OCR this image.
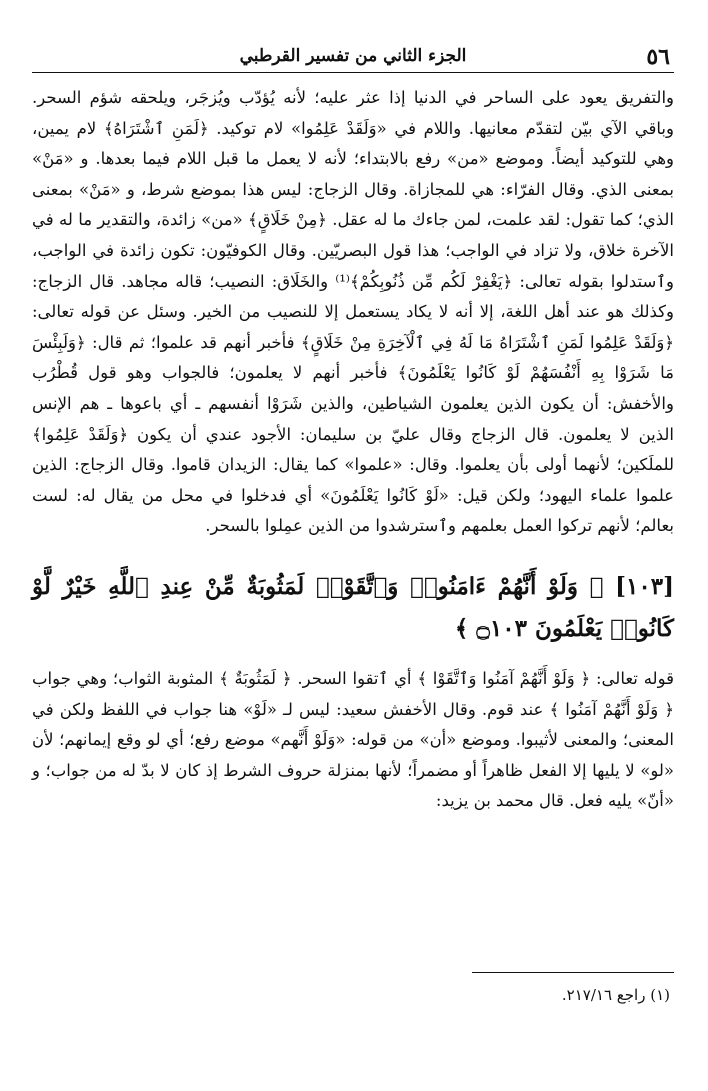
٥٦
الجزء الثاني من تفسير القرطبي

والتفريق يعود على الساحر في الدنيا إذا عثر عليه؛ لأنه يُؤدّب ويُزجَر، ويلحقه شؤم السحر. وباقي الآي بيّن لتقدّم معانيها. واللام في «وَلَقَدْ عَلِمُوا» لام توكيد. ﴿لَمَنِ ٱشْتَرَاهُ﴾ لام يمين، وهي للتوكيد أيضاً. وموضع «من» رفع بالابتداء؛ لأنه لا يعمل ما قبل اللام فيما بعدها. و «مَنْ» بمعنى الذي. وقال الفرّاء: هي للمجازاة. وقال الزجاج: ليس هذا بموضع شرط، و «مَنْ» بمعنى الذي؛ كما تقول: لقد علمت، لمن جاءك ما له عقل. ﴿مِنْ خَلَاقٍ﴾ «من» زائدة، والتقدير ما له في الآخرة خلاق، ولا تزاد في الواجب؛ هذا قول البصريّين. وقال الكوفيّون: تكون زائدة في الواجب، وٱستدلوا بقوله تعالى: ﴿يَغْفِرْ لَكُم مِّن ذُنُوبِكُمْ﴾⁽¹⁾ والخَلَاق: النصيب؛ قاله مجاهد. قال الزجاج: وكذلك هو عند أهل اللغة، إلا أنه لا يكاد يستعمل إلا للنصيب من الخير. وسئل عن قوله تعالى: ﴿وَلَقَدْ عَلِمُوا لَمَنِ ٱشْتَرَاهُ مَا لَهُ فِي ٱلْآخِرَةِ مِنْ خَلَاقٍ﴾ فأخبر أنهم قد علموا؛ ثم قال: ﴿وَلَبِئْسَ مَا شَرَوْا بِهِ أَنْفُسَهُمْ لَوْ كَانُوا يَعْلَمُونَ﴾ فأخبر أنهم لا يعلمون؛ فالجواب وهو قول قُطْرُب والأخفش: أن يكون الذين يعلمون الشياطين، والذين شَرَوْا أنفسهم ـ أي باعوها ـ هم الإنس الذين لا يعلمون. قال الزجاج وقال عليّ بن سليمان: الأجود عندي أن يكون ﴿وَلَقَدْ عَلِمُوا﴾ للملَكين؛ لأنهما أولى بأن يعلموا. وقال: «علموا» كما يقال: الزيدان قاموا. وقال الزجاج: الذين علموا علماء اليهود؛ ولكن قيل: «لَوْ كَانُوا يَعْلَمُونَ» أي فدخلوا في محل من يقال له: لست بعالم؛ لأنهم تركوا العمل بعلمهم وٱسترشدوا من الذين عمِلوا بالسحر.

[١٠٣] ﴿ وَلَوْ أَنَّهُمْ ءَامَنُوا۟ وَٱتَّقَوْا۟ لَمَثُوبَةٌ مِّنْ عِندِ ٱللَّهِ خَيْرٌ لَّوْ كَانُوا۟ يَعْلَمُونَ ۝١٠٣ ﴾

قوله تعالى: ﴿ وَلَوْ أَنَّهُمْ آمَنُوا وَٱتَّقَوْا ﴾ أي ٱتقوا السحر. ﴿ لَمَثُوبَةٌ ﴾ المثوبة الثواب؛ وهي جواب ﴿ وَلَوْ أَنَّهُمْ آمَنُوا ﴾ عند قوم. وقال الأخفش سعيد: ليس لـ «لَوْ» هنا جواب في اللفظ ولكن في المعنى؛ والمعنى لأثيبوا. وموضع «أن» من قوله: «وَلَوْ أَنَّهم» موضع رفع؛ أي لو وقع إيمانهم؛ لأن «لو» لا يليها إلا الفعل ظاهراً أو مضمراً؛ لأنها بمنزلة حروف الشرط إذ كان لا بدّ له من جواب؛ و «أنّ» يليه فعل. قال محمد بن يزيد:

(١) راجع ٢١٧/١٦.
